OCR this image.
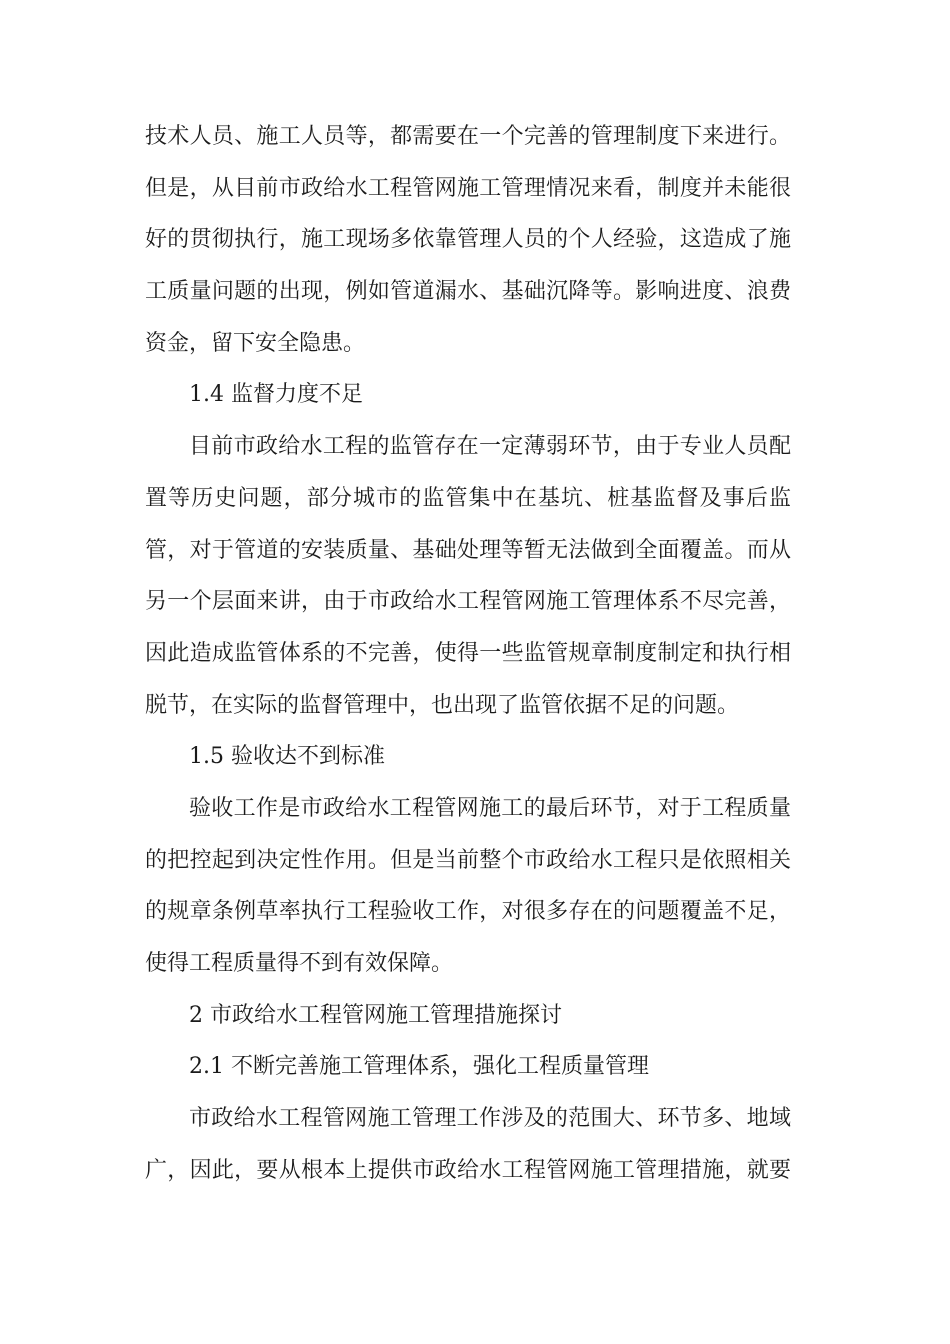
技术人员、施工人员等，都需要在一个完善的管理制度下来进行。
但是，从目前市政给水工程管网施工管理情况来看，制度并未能很
好的贯彻执行，施工现场多依靠管理人员的个人经验，这造成了施
工质量问题的出现，例如管道漏水、基础沉降等。影响进度、浪费
资金，留下安全隐患。
1.4 监督力度不足
目前市政给水工程的监管存在一定薄弱环节，由于专业人员配
置等历史问题，部分城市的监管集中在基坑、桩基监督及事后监
管，对于管道的安装质量、基础处理等暂无法做到全面覆盖。而从
另一个层面来讲，由于市政给水工程管网施工管理体系不尽完善，
因此造成监管体系的不完善，使得一些监管规章制度制定和执行相
脱节，在实际的监督管理中，也出现了监管依据不足的问题。
1.5 验收达不到标准
验收工作是市政给水工程管网施工的最后环节，对于工程质量
的把控起到决定性作用。但是当前整个市政给水工程只是依照相关
的规章条例草率执行工程验收工作，对很多存在的问题覆盖不足，
使得工程质量得不到有效保障。
2 市政给水工程管网施工管理措施探讨
2.1 不断完善施工管理体系，强化工程质量管理
市政给水工程管网施工管理工作涉及的范围大、环节多、地域
广，因此，要从根本上提供市政给水工程管网施工管理措施，就要
